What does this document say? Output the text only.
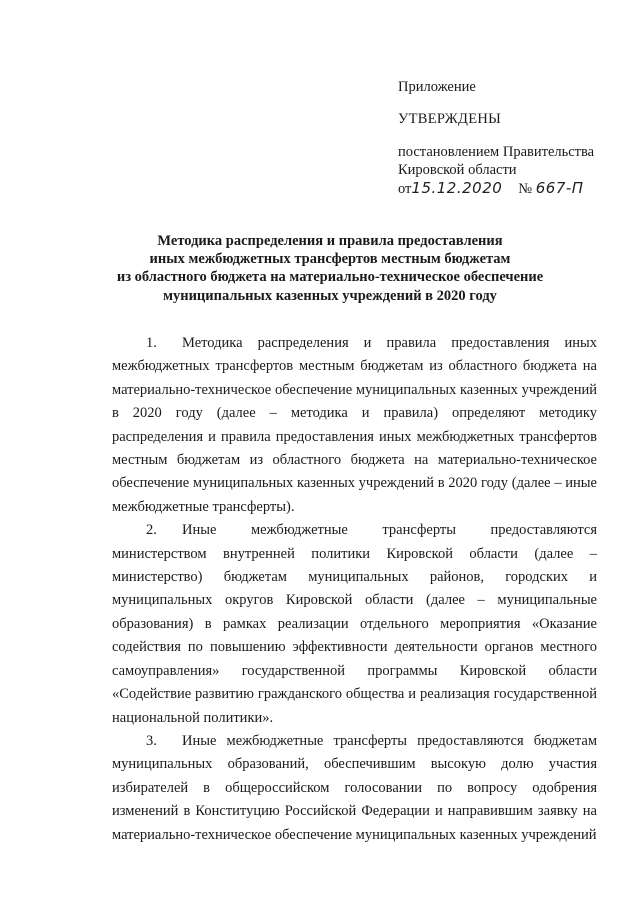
Приложение
УТВЕРЖДЕНЫ
постановлением Правительства
Кировской области
от15.12.2020 № 667-П
Методика распределения и правила предоставления
иных межбюджетных трансфертов местным бюджетам
из областного бюджета на материально-техническое обеспечение
муниципальных казенных учреждений в 2020 году

1. Методика распределения и правила предоставления иных межбюджетных трансфертов местным бюджетам из областного бюджета на материально-техническое обеспечение муниципальных казенных учреждений в 2020 году (далее – методика и правила) определяют методику распределения и правила предоставления иных межбюджетных трансфертов местным бюджетам из областного бюджета на материально-техническое обеспечение муниципальных казенных учреждений в 2020 году (далее – иные межбюджетные трансферты).

2. Иные межбюджетные трансферты предоставляются министерством внутренней политики Кировской области (далее – министерство) бюджетам муниципальных районов, городских и муниципальных округов Кировской области (далее – муниципальные образования) в рамках реализации отдельного мероприятия «Оказание содействия по повышению эффективности деятельности органов местного самоуправления» государственной программы Кировской области «Содействие развитию гражданского общества и реализация государственной национальной политики».

3. Иные межбюджетные трансферты предоставляются бюджетам муниципальных образований, обеспечившим высокую долю участия избирателей в общероссийском голосовании по вопросу одобрения изменений в Конституцию Российской Федерации и направившим заявку на материально-техническое обеспечение муниципальных казенных учреждений
